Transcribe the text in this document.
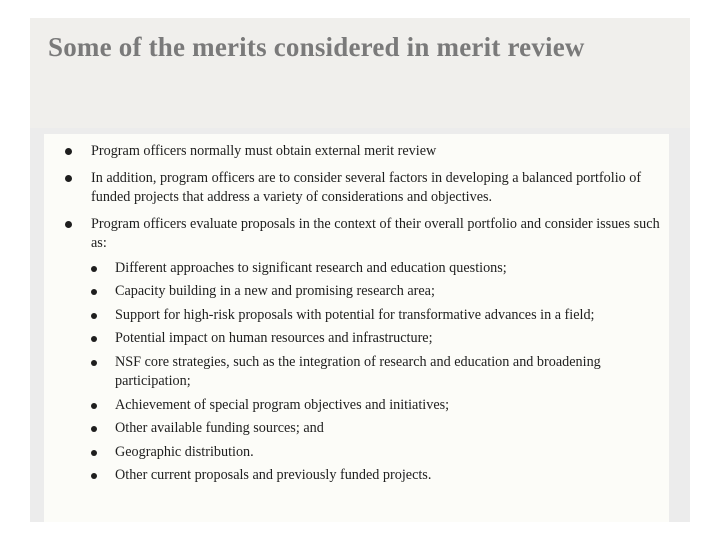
Some of the merits considered in merit review
Program officers normally must obtain external merit review
In addition, program officers are to consider several factors in developing a balanced portfolio of funded projects that address a variety of considerations and objectives.
Program officers evaluate proposals in the context of their overall portfolio and consider issues such as:
Different approaches to significant research and education questions;
Capacity building in a new and promising research area;
Support for high-risk proposals with potential for transformative advances in a field;
Potential impact on human resources and infrastructure;
NSF core strategies, such as the integration of research and education and broadening participation;
Achievement of special program objectives and initiatives;
Other available funding sources; and
Geographic distribution.
Other current proposals and previously funded projects.
